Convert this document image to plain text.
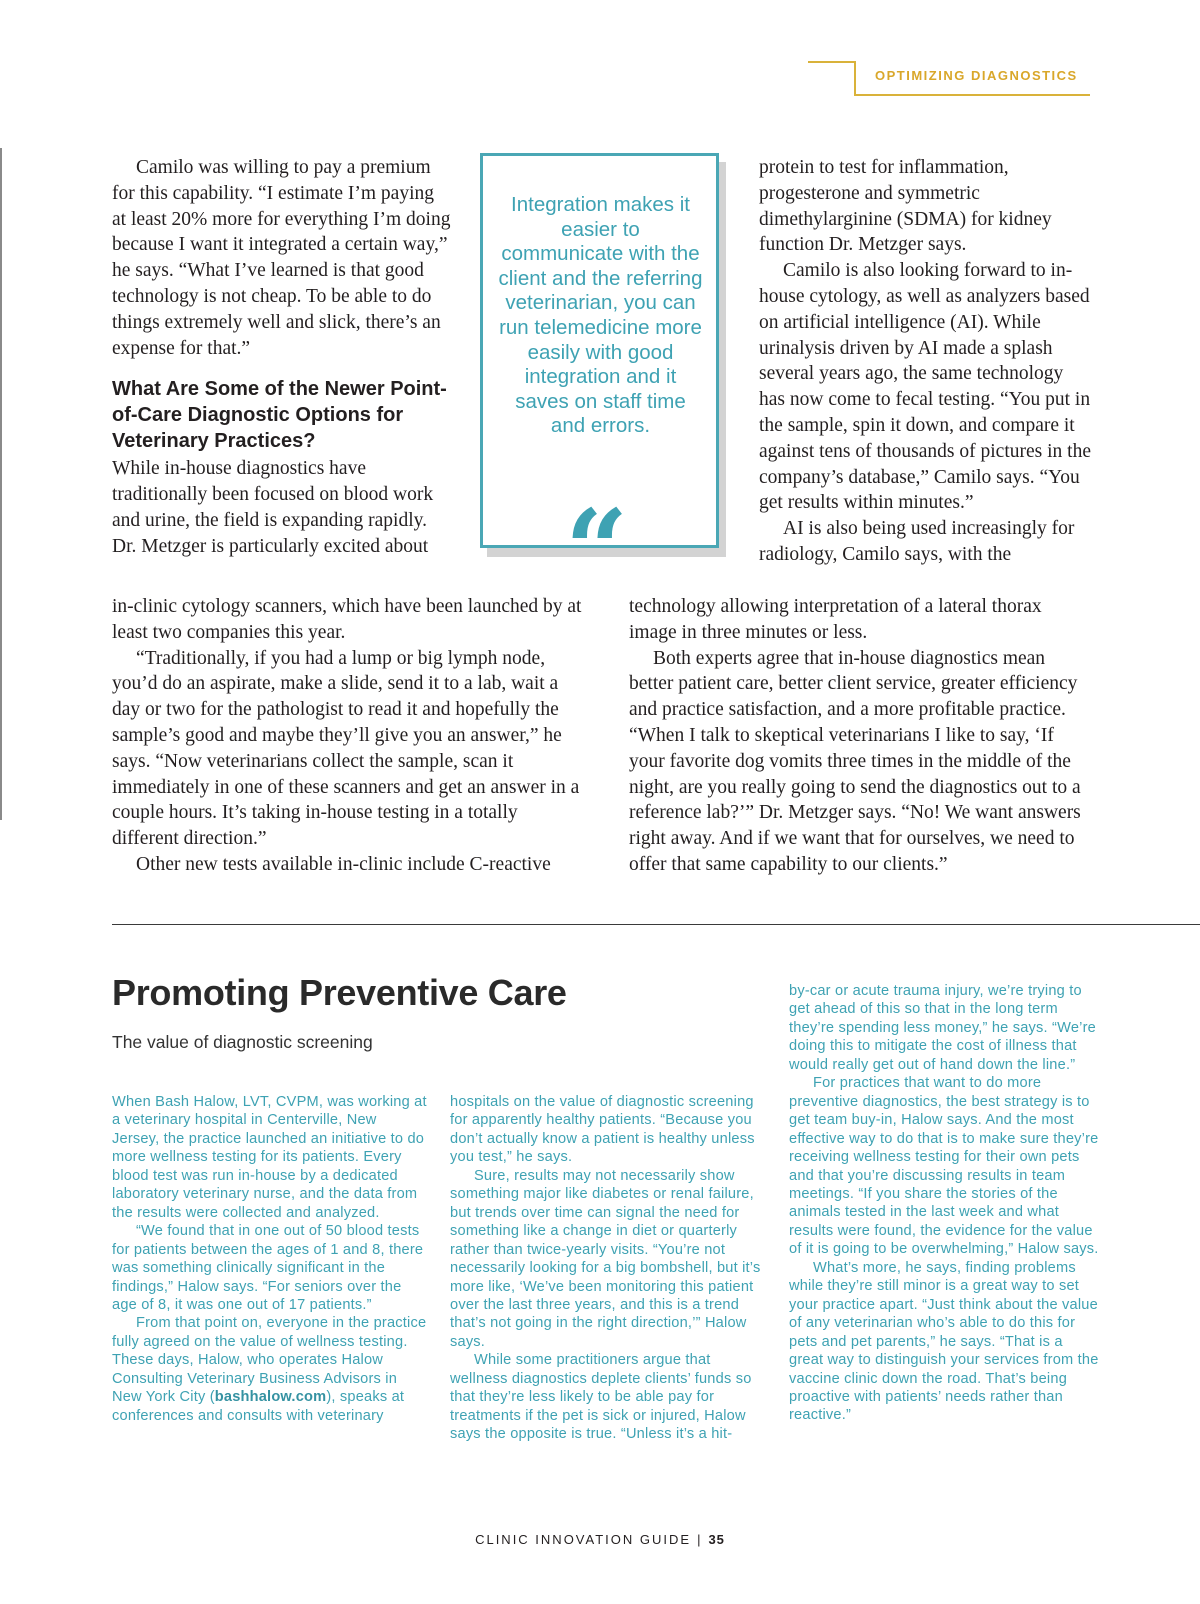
OPTIMIZING DIAGNOSTICS

Camilo was willing to pay a premium for this capability. “I estimate I’m paying at least 20% more for everything I’m doing because I want it integrated a certain way,” he says. “What I’ve learned is that good technology is not cheap. To be able to do things extremely well and slick, there’s an expense for that.”

What Are Some of the Newer Point-of-Care Diagnostic Options for Veterinary Practices?

While in-house diagnostics have traditionally been focused on blood work and urine, the field is expanding rapidly. Dr. Metzger is particularly excited about

in-clinic cytology scanners, which have been launched by at least two companies this year.

“Traditionally, if you had a lump or big lymph node, you’d do an aspirate, make a slide, send it to a lab, wait a day or two for the pathologist to read it and hopefully the sample’s good and maybe they’ll give you an answer,” he says. “Now veterinarians collect the sample, scan it immediately in one of these scanners and get an answer in a couple hours. It’s taking in-house testing in a totally different direction.”

Other new tests available in-clinic include C-reactive

Integration makes it easier to communicate with the client and the referring veterinarian, you can run telemedicine more easily with good integration and it saves on staff time and errors.
“

protein to test for inflammation, progesterone and symmetric dimethylarginine (SDMA) for kidney function Dr. Metzger says.

Camilo is also looking forward to in-house cytology, as well as analyzers based on artificial intelligence (AI). While urinalysis driven by AI made a splash several years ago, the same technology has now come to fecal testing. “You put in the sample, spin it down, and compare it against tens of thousands of pictures in the company’s database,” Camilo says. “You get results within minutes.”

AI is also being used increasingly for radiology, Camilo says, with the

technology allowing interpretation of a lateral thorax image in three minutes or less.

Both experts agree that in-house diagnostics mean better patient care, better client service, greater efficiency and practice satisfaction, and a more profitable practice. “When I talk to skeptical veterinarians I like to say, ‘If your favorite dog vomits three times in the middle of the night, are you really going to send the diagnostics out to a reference lab?’” Dr. Metzger says. “No! We want answers right away. And if we want that for ourselves, we need to offer that same capability to our clients.”

Promoting Preventive Care
The value of diagnostic screening

When Bash Halow, LVT, CVPM, was working at a veterinary hospital in Centerville, New Jersey, the practice launched an initiative to do more wellness testing for its patients. Every blood test was run in-house by a dedicated laboratory veterinary nurse, and the data from the results were collected and analyzed.

“We found that in one out of 50 blood tests for patients between the ages of 1 and 8, there was something clinically significant in the findings,” Halow says. “For seniors over the age of 8, it was one out of 17 patients.”

From that point on, everyone in the practice fully agreed on the value of wellness testing. These days, Halow, who operates Halow Consulting Veterinary Business Advisors in New York City (bashhalow.com), speaks at conferences and consults with veterinary

hospitals on the value of diagnostic screening for apparently healthy patients. “Because you don’t actually know a patient is healthy unless you test,” he says.

Sure, results may not necessarily show something major like diabetes or renal failure, but trends over time can signal the need for something like a change in diet or quarterly rather than twice-yearly visits. “You’re not necessarily looking for a big bombshell, but it’s more like, ‘We’ve been monitoring this patient over the last three years, and this is a trend that’s not going in the right direction,’” Halow says.

While some practitioners argue that wellness diagnostics deplete clients’ funds so that they’re less likely to be able pay for treatments if the pet is sick or injured, Halow says the opposite is true. “Unless it’s a hit-

by-car or acute trauma injury, we’re trying to get ahead of this so that in the long term they’re spending less money,” he says. “We’re doing this to mitigate the cost of illness that would really get out of hand down the line.”

For practices that want to do more preventive diagnostics, the best strategy is to get team buy-in, Halow says. And the most effective way to do that is to make sure they’re receiving wellness testing for their own pets and that you’re discussing results in team meetings. “If you share the stories of the animals tested in the last week and what results were found, the evidence for the value of it is going to be overwhelming,” Halow says.

What’s more, he says, finding problems while they’re still minor is a great way to set your practice apart. “Just think about the value of any veterinarian who’s able to do this for pets and pet parents,” he says. “That is a great way to distinguish your services from the vaccine clinic down the road. That’s being proactive with patients’ needs rather than reactive.”

CLINIC INNOVATION GUIDE | 35
